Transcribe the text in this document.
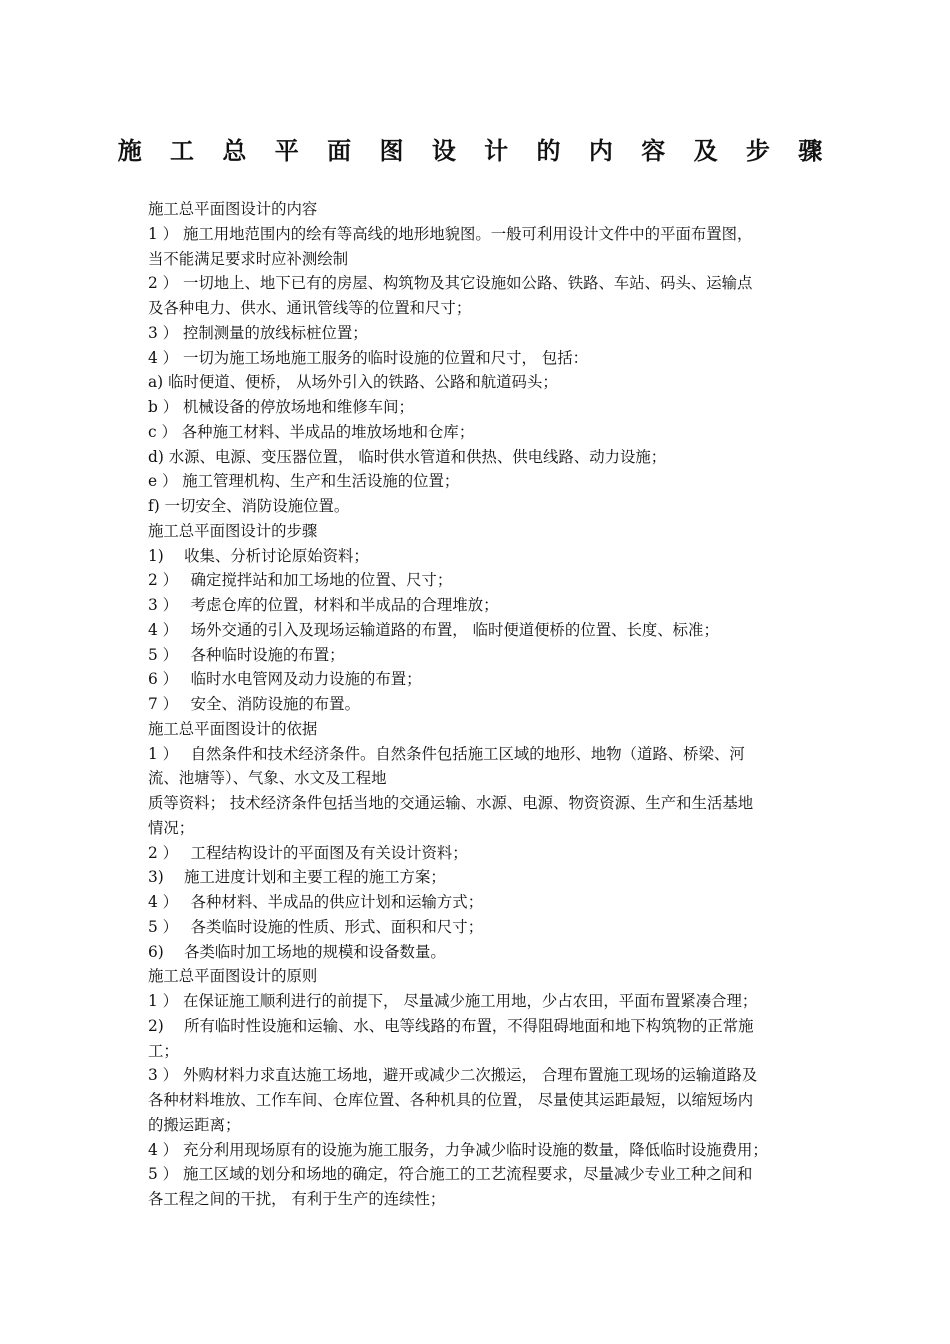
施 工 总 平 面 图 设 计 的 内 容 及 步 骤

施工总平面图设计的内容

1 ） 施工用地范围内的绘有等高线的地形地貌图。一般可利用设计文件中的平面布置图，

当不能满足要求时应补测绘制

2 ） 一切地上、地下已有的房屋、构筑物及其它设施如公路、铁路、车站、码头、运输点

及各种电力、供水、通讯管线等的位置和尺寸；

3 ） 控制测量的放线标桩位置；

4 ） 一切为施工场地施工服务的临时设施的位置和尺寸， 包括：

a) 临时便道、便桥， 从场外引入的铁路、公路和航道码头；

b ） 机械设备的停放场地和维修车间；

c ） 各种施工材料、半成品的堆放场地和仓库；

d) 水源、电源、变压器位置， 临时供水管道和供热、供电线路、动力设施；

e ） 施工管理机构、生产和生活设施的位置；

f) 一切安全、消防设施位置。

施工总平面图设计的步骤

1)　 收集、分析讨论原始资料；

2 ）　 确定搅拌站和加工场地的位置、尺寸；

3 ）　 考虑仓库的位置，材料和半成品的合理堆放；

4 ）　 场外交通的引入及现场运输道路的布置， 临时便道便桥的位置、长度、标准；

5 ）　 各种临时设施的布置；

6 ）　 临时水电管网及动力设施的布置；

7 ）　 安全、消防设施的布置。

施工总平面图设计的依据

1 ）　 自然条件和技术经济条件。自然条件包括施工区域的地形、地物（道路、桥梁、河

流、池塘等）、气象、水文及工程地

质等资料； 技术经济条件包括当地的交通运输、水源、电源、物资资源、生产和生活基地

情况；

2 ）　 工程结构设计的平面图及有关设计资料；

3)　 施工进度计划和主要工程的施工方案；

4 ）　 各种材料、半成品的供应计划和运输方式；

5 ）　 各类临时设施的性质、形式、面积和尺寸；

6)　 各类临时加工场地的规模和设备数量。

施工总平面图设计的原则

1 ） 在保证施工顺利进行的前提下， 尽量减少施工用地，少占农田，平面布置紧凑合理；

2)　 所有临时性设施和运输、水、电等线路的布置，不得阻碍地面和地下构筑物的正常施

工；

3 ） 外购材料力求直达施工场地，避开或减少二次搬运， 合理布置施工现场的运输道路及

各种材料堆放、工作车间、仓库位置、各种机具的位置， 尽量使其运距最短，以缩短场内

的搬运距离；

4 ） 充分利用现场原有的设施为施工服务，力争减少临时设施的数量，降低临时设施费用；

5 ） 施工区域的划分和场地的确定，符合施工的工艺流程要求，尽量减少专业工种之间和

各工程之间的干扰， 有利于生产的连续性；
